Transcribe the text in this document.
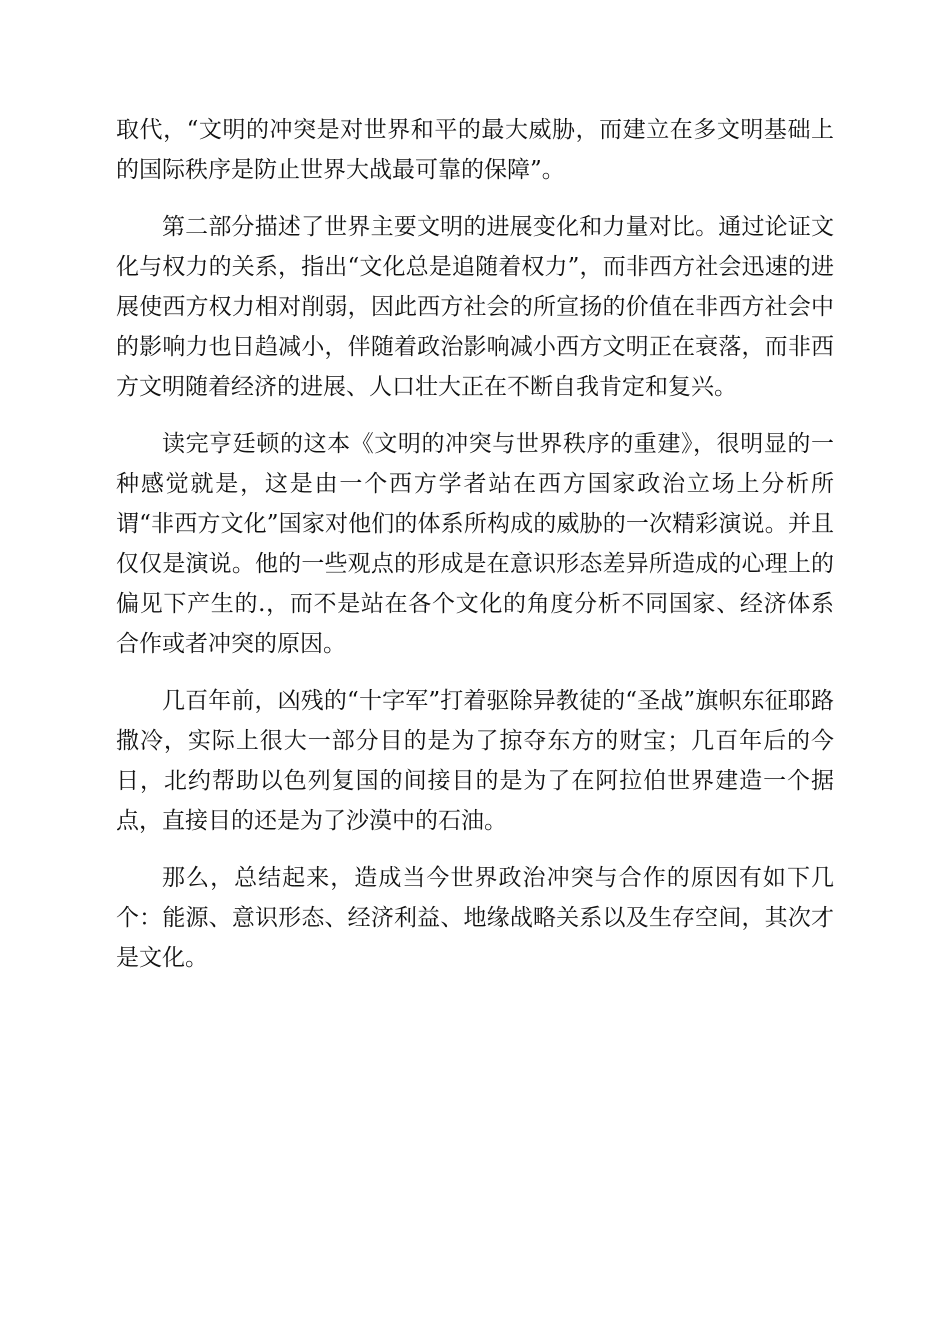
取代，“文明的冲突是对世界和平的最大威胁，而建立在多文明基础上的国际秩序是防止世界大战最可靠的保障”。

第二部分描述了世界主要文明的进展变化和力量对比。通过论证文化与权力的关系，指出“文化总是追随着权力”，而非西方社会迅速的进展使西方权力相对削弱，因此西方社会的所宣扬的价值在非西方社会中的影响力也日趋减小，伴随着政治影响减小西方文明正在衰落，而非西方文明随着经济的进展、人口壮大正在不断自我肯定和复兴。

读完亨廷顿的这本《文明的冲突与世界秩序的重建》，很明显的一种感觉就是，这是由一个西方学者站在西方国家政治立场上分析所谓“非西方文化”国家对他们的体系所构成的威胁的一次精彩演说。并且仅仅是演说。他的一些观点的形成是在意识形态差异所造成的心理上的偏见下产生的.，而不是站在各个文化的角度分析不同国家、经济体系合作或者冲突的原因。

几百年前，凶残的“十字军”打着驱除异教徒的“圣战”旗帜东征耶路撒冷，实际上很大一部分目的是为了掠夺东方的财宝；几百年后的今日，北约帮助以色列复国的间接目的是为了在阿拉伯世界建造一个据点，直接目的还是为了沙漠中的石油。

那么，总结起来，造成当今世界政治冲突与合作的原因有如下几个：能源、意识形态、经济利益、地缘战略关系以及生存空间，其次才是文化。
